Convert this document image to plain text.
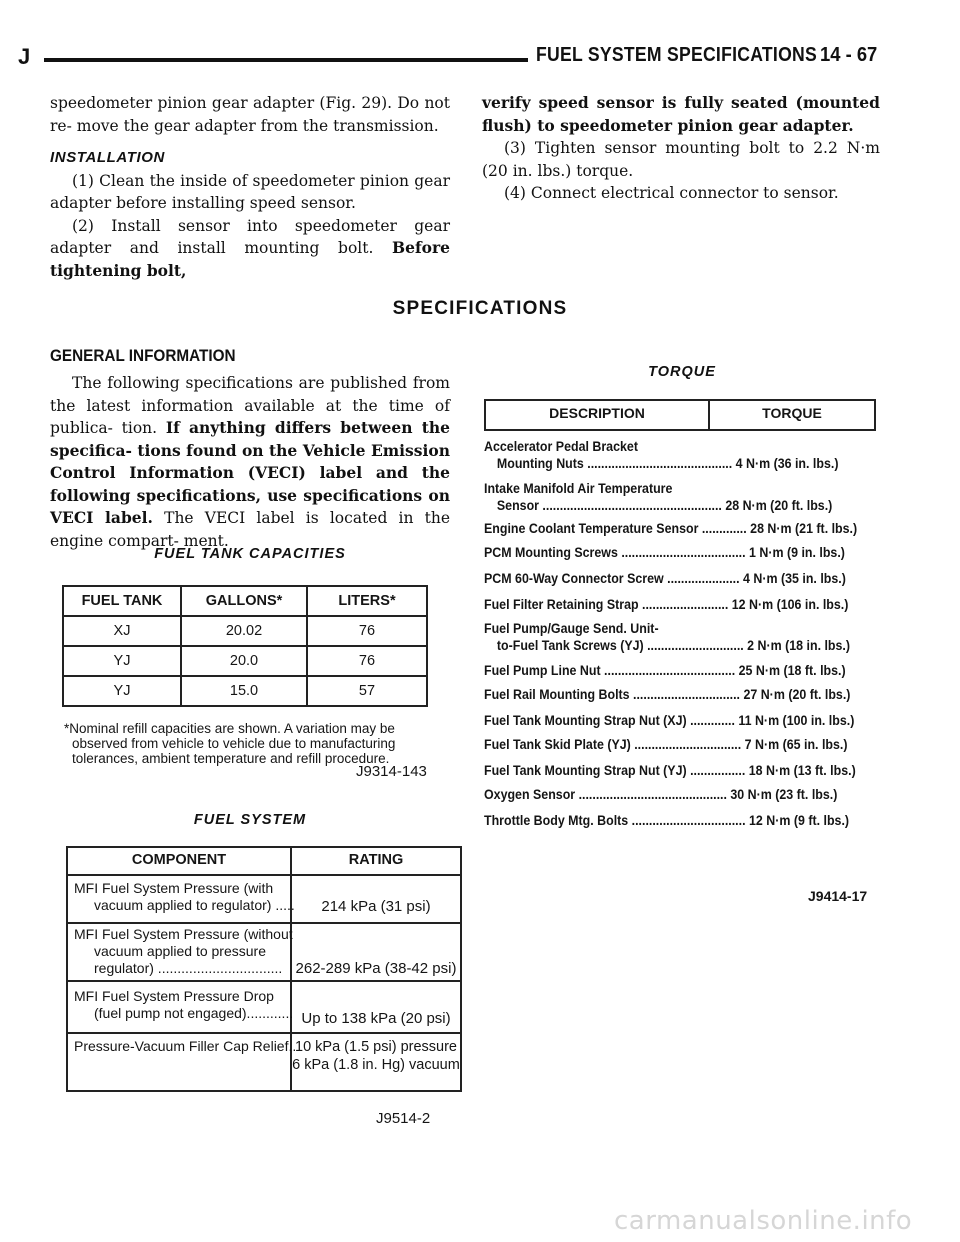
J	FUEL SYSTEM SPECIFICATIONS 14 - 67

speedometer pinion gear adapter (Fig. 29). Do not re- move the gear adapter from the transmission.

INSTALLATION

(1) Clean the inside of speedometer pinion gear adapter before installing speed sensor.

(2) Install sensor into speedometer gear adapter and install mounting bolt. Before tightening bolt,

verify speed sensor is fully seated (mounted flush) to speedometer pinion gear adapter.

(3) Tighten sensor mounting bolt to 2.2 N·m (20 in. lbs.) torque.

(4) Connect electrical connector to sensor.

SPECIFICATIONS
GENERAL INFORMATION

The following specifications are published from the latest information available at the time of publica- tion. If anything differs between the specifica- tions found on the Vehicle Emission Control Information (VECI) label and the following specifications, use specifications on VECI label. The VECI label is located in the engine compart- ment.

FUEL TANK CAPACITIES
FUEL TANK	GALLONS*	LITERS*
XJ	20.02	76
YJ	20.0	76
YJ	15.0	57
*Nominal refill capacities are shown. A variation may be observed from vehicle to vehicle due to manufacturing tolerances, ambient temperature and refill procedure.
J9314-143
FUEL SYSTEM
COMPONENT	RATING
MFI Fuel System Pressure (with
vacuum applied to regulator) .....	214 kPa (31 psi)
MFI Fuel System Pressure (without
vacuum applied to pressure
regulator) ................................ 262-289 kPa (38-42 psi)
MFI Fuel System Pressure Drop
(fuel pump not engaged)............ Up to 138 kPa (20 psi)
Pressure-Vacuum Filler Cap Relief..
10 kPa (1.5 psi) pressure
6 kPa (1.8 in. Hg) vacuum
J9514-2
TORQUE
DESCRIPTION	TORQUE
Accelerator Pedal Bracket
Mounting Nuts .......................................... 4 N·m (36 in. lbs.)
Intake Manifold Air Temperature
Sensor .................................................... 28 N·m (20 ft. lbs.)
Engine Coolant Temperature Sensor ............. 28 N·m (21 ft. lbs.)
PCM Mounting Screws .................................... 1 N·m (9 in. lbs.)
PCM 60-Way Connector Screw ..................... 4 N·m (35 in. lbs.)
Fuel Filter Retaining Strap ......................... 12 N·m (106 in. lbs.)
Fuel Pump/Gauge Send. Unit-
to-Fuel Tank Screws (YJ) ............................ 2 N·m (18 in. lbs.)
Fuel Pump Line Nut ...................................... 25 N·m (18 ft. lbs.)
Fuel Rail Mounting Bolts ............................... 27 N·m (20 ft. lbs.)
Fuel Tank Mounting Strap Nut (XJ) ............. 11 N·m (100 in. lbs.)
Fuel Tank Skid Plate (YJ) ............................... 7 N·m (65 in. lbs.)
Fuel Tank Mounting Strap Nut (YJ) ................ 18 N·m (13 ft. lbs.)
Oxygen Sensor ........................................... 30 N·m (23 ft. lbs.)
Throttle Body Mtg. Bolts ................................. 12 N·m (9 ft. lbs.)
J9414-17
carmanualsonline.info
